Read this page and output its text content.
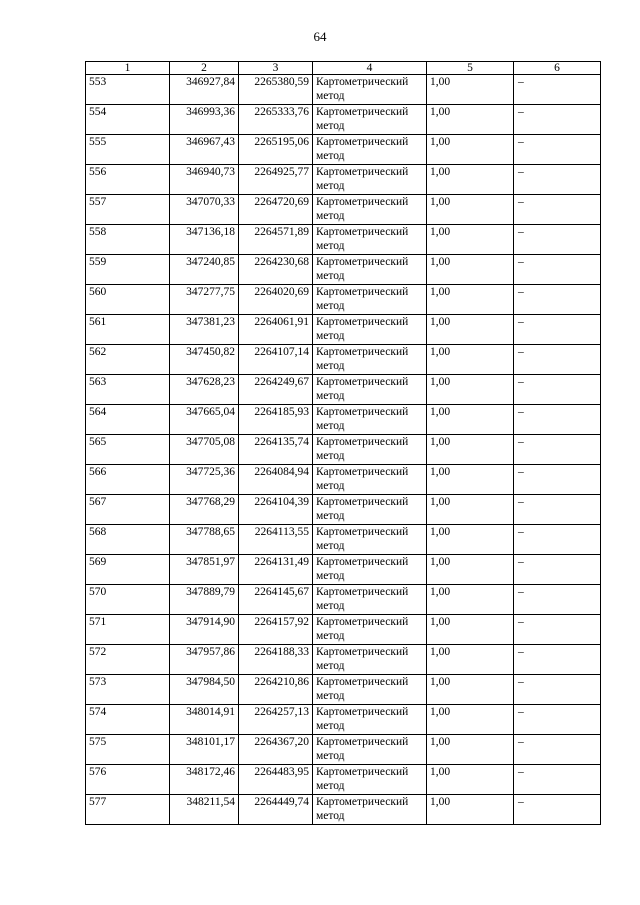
64
1	2	3	4	5	6
553	346927,84	2265380,59	Картометрический метод	1,00	–
554	346993,36	2265333,76	Картометрический метод	1,00	–
555	346967,43	2265195,06	Картометрический метод	1,00	–
556	346940,73	2264925,77	Картометрический метод	1,00	–
557	347070,33	2264720,69	Картометрический метод	1,00	–
558	347136,18	2264571,89	Картометрический метод	1,00	–
559	347240,85	2264230,68	Картометрический метод	1,00	–
560	347277,75	2264020,69	Картометрический метод	1,00	–
561	347381,23	2264061,91	Картометрический метод	1,00	–
562	347450,82	2264107,14	Картометрический метод	1,00	–
563	347628,23	2264249,67	Картометрический метод	1,00	–
564	347665,04	2264185,93	Картометрический метод	1,00	–
565	347705,08	2264135,74	Картометрический метод	1,00	–
566	347725,36	2264084,94	Картометрический метод	1,00	–
567	347768,29	2264104,39	Картометрический метод	1,00	–
568	347788,65	2264113,55	Картометрический метод	1,00	–
569	347851,97	2264131,49	Картометрический метод	1,00	–
570	347889,79	2264145,67	Картометрический метод	1,00	–
571	347914,90	2264157,92	Картометрический метод	1,00	–
572	347957,86	2264188,33	Картометрический метод	1,00	–
573	347984,50	2264210,86	Картометрический метод	1,00	–
574	348014,91	2264257,13	Картометрический метод	1,00	–
575	348101,17	2264367,20	Картометрический метод	1,00	–
576	348172,46	2264483,95	Картометрический метод	1,00	–
577	348211,54	2264449,74	Картометрический метод	1,00	–
